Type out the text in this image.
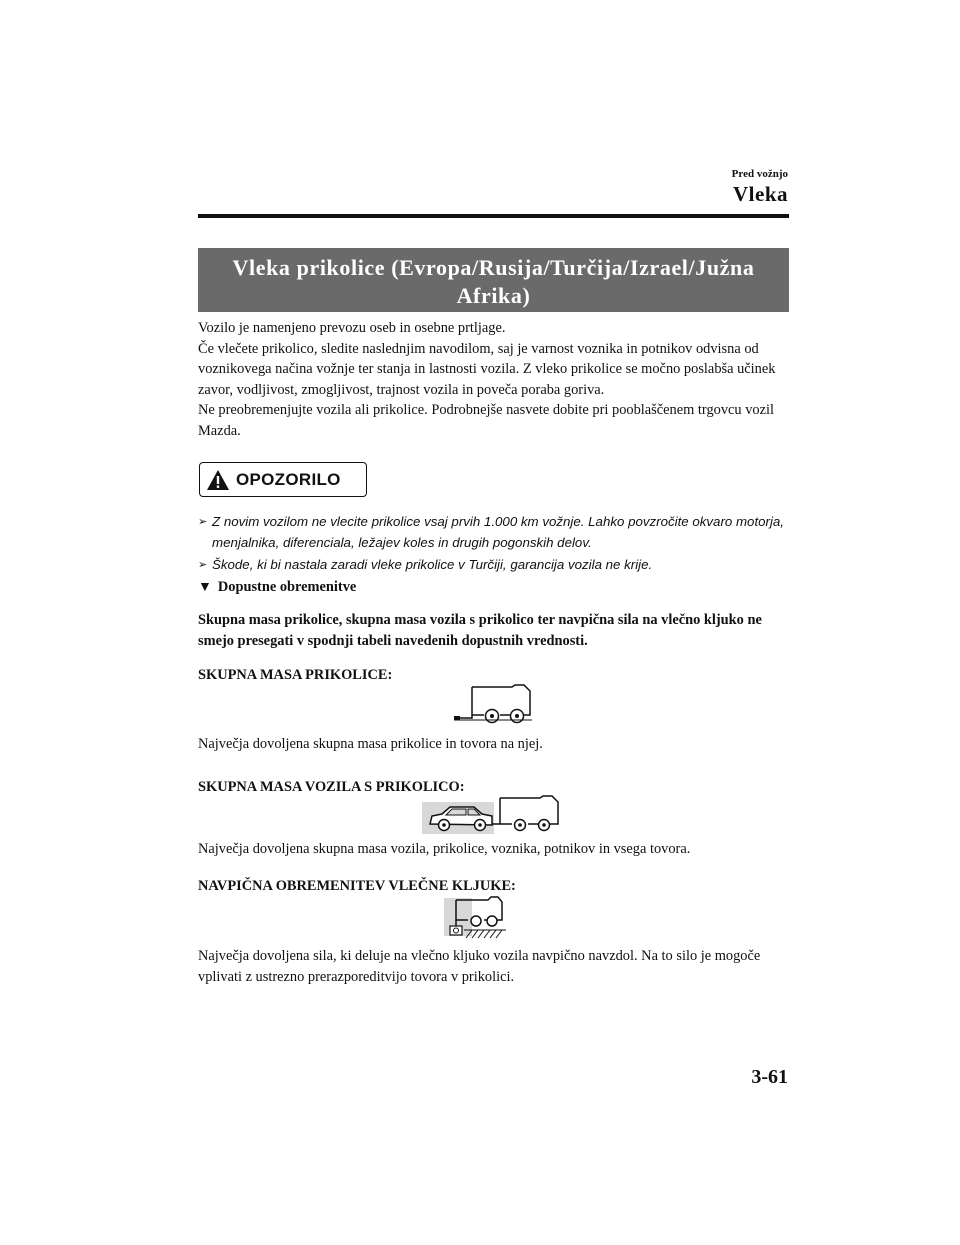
Pred vožnjo
Vleka
Vleka prikolice (Evropa/Rusija/Turčija/Izrael/Južna Afrika)

Vozilo je namenjeno prevozu oseb in osebne prtljage.

Če vlečete prikolico, sledite naslednjim navodilom, saj je varnost voznika in potnikov odvisna od voznikovega načina vožnje ter stanja in lastnosti vozila. Z vleko prikolice se močno poslabša učinek zavor, vodljivost, zmogljivost, trajnost vozila in poveča poraba goriva.

Ne preobremenjujte vozila ali prikolice. Podrobnejše nasvete dobite pri pooblaščenem trgovcu vozil Mazda.

OPOZORILO
➢ Z novim vozilom ne vlecite prikolice vsaj prvih 1.000 km vožnje. Lahko povzročite okvaro motorja, menjalnika, diferenciala, ležajev koles in drugih pogonskih delov.
➢ Škode, ki bi nastala zaradi vleke prikolice v Turčiji, garancija vozila ne krije.
▼ Dopustne obremenitve
Skupna masa prikolice, skupna masa vozila s prikolico ter navpična sila na vlečno kljuko ne smejo presegati v spodnji tabeli navedenih dopustnih vrednosti.
SKUPNA MASA PRIKOLICE:
Največja dovoljena skupna masa prikolice in tovora na njej.
SKUPNA MASA VOZILA S PRIKOLICO:
Največja dovoljena skupna masa vozila, prikolice, voznika, potnikov in vsega tovora.
NAVPIČNA OBREMENITEV VLEČNE KLJUKE:
Največja dovoljena sila, ki deluje na vlečno kljuko vozila navpično navzdol. Na to silo je mogoče vplivati z ustrezno prerazporeditvijo tovora v prikolici.
3-61
